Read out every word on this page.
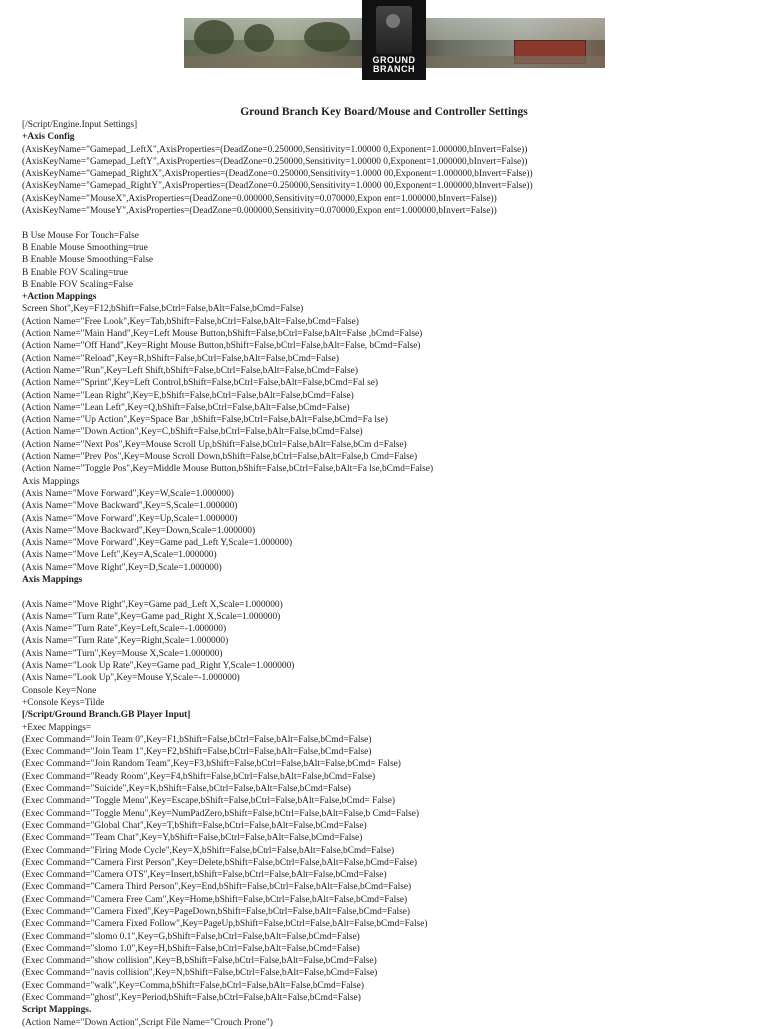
GROUND
BRANCH
Ground Branch Key Board/Mouse and Controller Settings
[/Script/Engine.Input Settings]
+Axis Config
(AxisKeyName="Gamepad_LeftX",AxisProperties=(DeadZone=0.250000,Sensitivity=1.00000 0,Exponent=1.000000,bInvert=False))
(AxisKeyName="Gamepad_LeftY",AxisProperties=(DeadZone=0.250000,Sensitivity=1.00000 0,Exponent=1.000000,bInvert=False))
(AxisKeyName="Gamepad_RightX",AxisProperties=(DeadZone=0.250000,Sensitivity=1.0000 00,Exponent=1.000000,bInvert=False))
(AxisKeyName="Gamepad_RightY",AxisProperties=(DeadZone=0.250000,Sensitivity=1.0000 00,Exponent=1.000000,bInvert=False))
(AxisKeyName="MouseX",AxisProperties=(DeadZone=0.000000,Sensitivity=0.070000,Expon ent=1.000000,bInvert=False))
(AxisKeyName="MouseY",AxisProperties=(DeadZone=0.000000,Sensitivity=0.070000,Expon ent=1.000000,bInvert=False))
B Use Mouse For Touch=False
B Enable Mouse Smoothing=true
B Enable Mouse Smoothing=False
B Enable FOV Scaling=true
B Enable FOV Scaling=False
+Action Mappings
Screen Shot",Key=F12,bShift=False,bCtrl=False,bAlt=False,bCmd=False)
(Action Name="Free Look",Key=Tab,bShift=False,bCtrl=False,bAlt=False,bCmd=False)
(Action Name="Main Hand",Key=Left Mouse Button,bShift=False,bCtrl=False,bAlt=False ,bCmd=False)
(Action Name="Off Hand",Key=Right Mouse Button,bShift=False,bCtrl=False,bAlt=False, bCmd=False)
(Action Name="Reload",Key=R,bShift=False,bCtrl=False,bAlt=False,bCmd=False)
(Action Name="Run",Key=Left Shift,bShift=False,bCtrl=False,bAlt=False,bCmd=False)
(Action Name="Sprint",Key=Left Control,bShift=False,bCtrl=False,bAlt=False,bCmd=Fal se)
(Action Name="Lean Right",Key=E,bShift=False,bCtrl=False,bAlt=False,bCmd=False)
(Action Name="Lean Left",Key=Q,bShift=False,bCtrl=False,bAlt=False,bCmd=False)
(Action Name="Up Action",Key=Space Bar ,bShift=False,bCtrl=False,bAlt=False,bCmd=Fa lse)
(Action Name="Down Action",Key=C,bShift=False,bCtrl=False,bAlt=False,bCmd=False)
(Action Name="Next Pos",Key=Mouse Scroll Up,bShift=False,bCtrl=False,bAlt=False,bCm d=False)
(Action Name="Prev Pos",Key=Mouse Scroll Down,bShift=False,bCtrl=False,bAlt=False,b Cmd=False)
(Action Name="Toggle Pos",Key=Middle Mouse Button,bShift=False,bCtrl=False,bAlt=Fa lse,bCmd=False)
Axis Mappings
(Axis Name="Move Forward",Key=W,Scale=1.000000)
(Axis Name="Move Backward",Key=S,Scale=1.000000)
(Axis Name="Move Forward",Key=Up,Scale=1.000000)
(Axis Name="Move Backward",Key=Down,Scale=1.000000)
(Axis Name="Move Forward",Key=Game pad_Left Y,Scale=1.000000)
(Axis Name="Move Left",Key=A,Scale=1.000000)
(Axis Name="Move Right",Key=D,Scale=1.000000)
Axis Mappings
(Axis Name="Move Right",Key=Game pad_Left X,Scale=1.000000)
(Axis Name="Turn Rate",Key=Game pad_Right X,Scale=1.000000)
(Axis Name="Turn Rate",Key=Left,Scale=-1.000000)
(Axis Name="Turn Rate",Key=Right,Scale=1.000000)
(Axis Name="Turn",Key=Mouse X,Scale=1.000000)
(Axis Name="Look Up Rate",Key=Game pad_Right Y,Scale=1.000000)
(Axis Name="Look Up",Key=Mouse Y,Scale=-1.000000)
Console Key=None
+Console Keys=Tilde
[/Script/Ground Branch.GB Player Input]
+Exec Mappings=
(Exec Command="Join Team 0",Key=F1,bShift=False,bCtrl=False,bAlt=False,bCmd=False)
(Exec Command="Join Team 1",Key=F2,bShift=False,bCtrl=False,bAlt=False,bCmd=False)
(Exec Command="Join Random Team",Key=F3,bShift=False,bCtrl=False,bAlt=False,bCmd= False)
(Exec Command="Ready Room",Key=F4,bShift=False,bCtrl=False,bAlt=False,bCmd=False)
(Exec Command="Suicide",Key=K,bShift=False,bCtrl=False,bAlt=False,bCmd=False)
(Exec Command="Toggle Menu",Key=Escape,bShift=False,bCtrl=False,bAlt=False,bCmd= False)
(Exec Command="Toggle Menu",Key=NumPadZero,bShift=False,bCtrl=False,bAlt=False,b Cmd=False)
(Exec Command="Global Chat",Key=T,bShift=False,bCtrl=False,bAlt=False,bCmd=False)
(Exec Command="Team Chat",Key=Y,bShift=False,bCtrl=False,bAlt=False,bCmd=False)
(Exec Command="Firing Mode Cycle",Key=X,bShift=False,bCtrl=False,bAlt=False,bCmd=False)
(Exec Command="Camera First Person",Key=Delete,bShift=False,bCtrl=False,bAlt=False,bCmd=False)
(Exec Command="Camera OTS",Key=Insert,bShift=False,bCtrl=False,bAlt=False,bCmd=False)
(Exec Command="Camera Third Person",Key=End,bShift=False,bCtrl=False,bAlt=False,bCmd=False)
(Exec Command="Camera Free Cam",Key=Home,bShift=False,bCtrl=False,bAlt=False,bCmd=False)
(Exec Command="Camera Fixed",Key=PageDown,bShift=False,bCtrl=False,bAlt=False,bCmd=False)
(Exec Command="Camera Fixed Follow",Key=PageUp,bShift=False,bCtrl=False,bAlt=False,bCmd=False)
(Exec Command="slomo 0.1",Key=G,bShift=False,bCtrl=False,bAlt=False,bCmd=False)
(Exec Command="slomo 1.0",Key=H,bShift=False,bCtrl=False,bAlt=False,bCmd=False)
(Exec Command="show collision",Key=B,bShift=False,bCtrl=False,bAlt=False,bCmd=False)
(Exec Command="navis collision",Key=N,bShift=False,bCtrl=False,bAlt=False,bCmd=False)
(Exec Command="walk",Key=Comma,bShift=False,bCtrl=False,bAlt=False,bCmd=False)
(Exec Command="ghost",Key=Period,bShift=False,bCtrl=False,bAlt=False,bCmd=False)
Script Mappings.
(Action Name="Down Action",Script File Name="Crouch Prone")
